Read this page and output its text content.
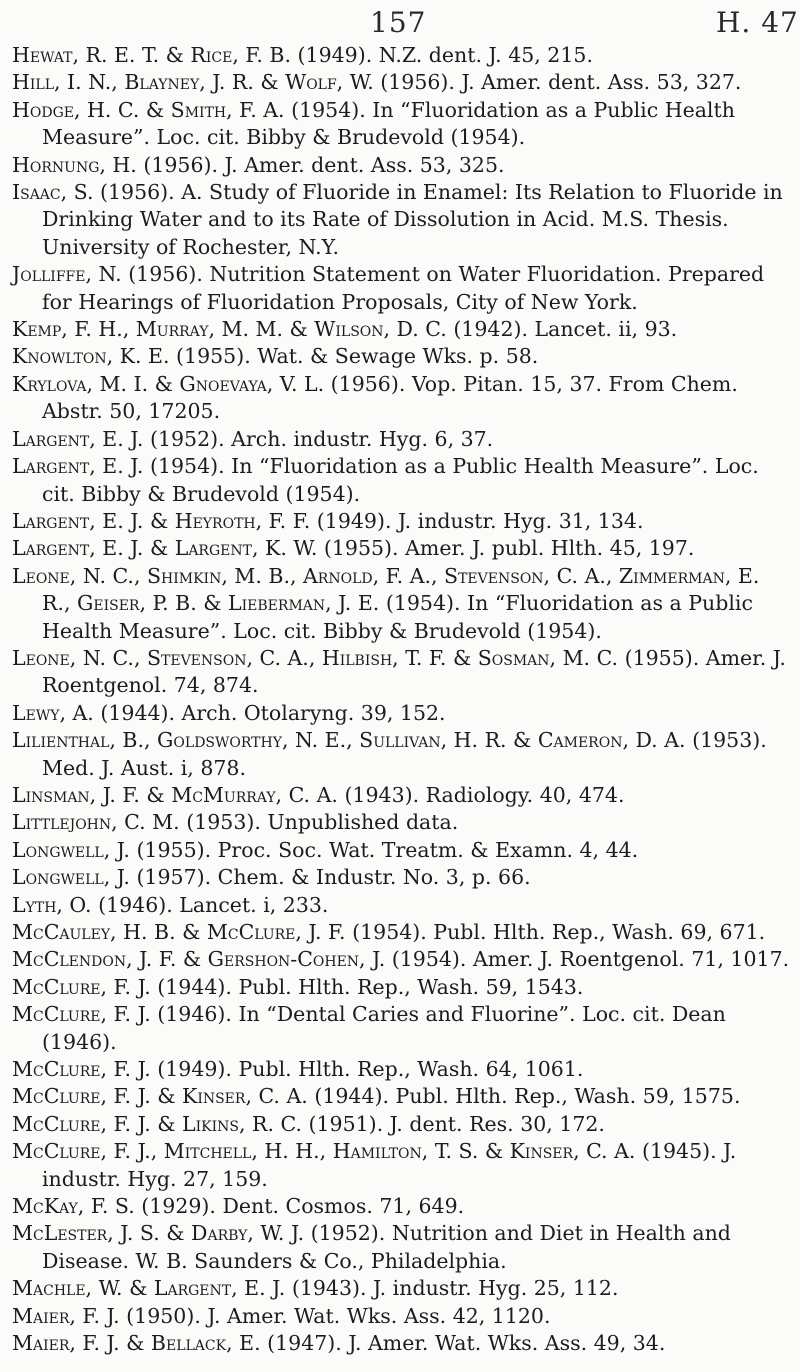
157	H. 47

Hewat, R. E. T. & Rice, F. B. (1949). N.Z. dent. J. 45, 215.

Hill, I. N., Blayney, J. R. & Wolf, W. (1956). J. Amer. dent. Ass. 53, 327.

Hodge, H. C. & Smith, F. A. (1954). In “Fluoridation as a Public Health Measure”. Loc. cit. Bibby & Brudevold (1954).

Hornung, H. (1956). J. Amer. dent. Ass. 53, 325.

Isaac, S. (1956). A. Study of Fluoride in Enamel: Its Relation to Fluoride in Drinking Water and to its Rate of Dissolution in Acid. M.S. Thesis. University of Rochester, N.Y.

Jolliffe, N. (1956). Nutrition Statement on Water Fluoridation. Prepared for Hearings of Fluoridation Proposals, City of New York.

Kemp, F. H., Murray, M. M. & Wilson, D. C. (1942). Lancet. ii, 93.

Knowlton, K. E. (1955). Wat. & Sewage Wks. p. 58.

Krylova, M. I. & Gnoevaya, V. L. (1956). Vop. Pitan. 15, 37. From Chem. Abstr. 50, 17205.

Largent, E. J. (1952). Arch. industr. Hyg. 6, 37.

Largent, E. J. (1954). In “Fluoridation as a Public Health Measure”. Loc. cit. Bibby & Brudevold (1954).

Largent, E. J. & Heyroth, F. F. (1949). J. industr. Hyg. 31, 134.

Largent, E. J. & Largent, K. W. (1955). Amer. J. publ. Hlth. 45, 197.

Leone, N. C., Shimkin, M. B., Arnold, F. A., Stevenson, C. A., Zimmerman, E. R., Geiser, P. B. & Lieberman, J. E. (1954). In “Fluoridation as a Public Health Measure”. Loc. cit. Bibby & Brudevold (1954).

Leone, N. C., Stevenson, C. A., Hilbish, T. F. & Sosman, M. C. (1955). Amer. J. Roentgenol. 74, 874.

Lewy, A. (1944). Arch. Otolaryng. 39, 152.

Lilienthal, B., Goldsworthy, N. E., Sullivan, H. R. & Cameron, D. A. (1953). Med. J. Aust. i, 878.

Linsman, J. F. & McMurray, C. A. (1943). Radiology. 40, 474.

Littlejohn, C. M. (1953). Unpublished data.

Longwell, J. (1955). Proc. Soc. Wat. Treatm. & Examn. 4, 44.

Longwell, J. (1957). Chem. & Industr. No. 3, p. 66.

Lyth, O. (1946). Lancet. i, 233.

McCauley, H. B. & McClure, J. F. (1954). Publ. Hlth. Rep., Wash. 69, 671.

McClendon, J. F. & Gershon-Cohen, J. (1954). Amer. J. Roentgenol. 71, 1017.

McClure, F. J. (1944). Publ. Hlth. Rep., Wash. 59, 1543.

McClure, F. J. (1946). In “Dental Caries and Fluorine”. Loc. cit. Dean (1946).

McClure, F. J. (1949). Publ. Hlth. Rep., Wash. 64, 1061.

McClure, F. J. & Kinser, C. A. (1944). Publ. Hlth. Rep., Wash. 59, 1575.

McClure, F. J. & Likins, R. C. (1951). J. dent. Res. 30, 172.

McClure, F. J., Mitchell, H. H., Hamilton, T. S. & Kinser, C. A. (1945). J. industr. Hyg. 27, 159.

McKay, F. S. (1929). Dent. Cosmos. 71, 649.

McLester, J. S. & Darby, W. J. (1952). Nutrition and Diet in Health and Disease. W. B. Saunders & Co., Philadelphia.

Machle, W. & Largent, E. J. (1943). J. industr. Hyg. 25, 112.

Maier, F. J. (1950). J. Amer. Wat. Wks. Ass. 42, 1120.

Maier, F. J. & Bellack, E. (1947). J. Amer. Wat. Wks. Ass. 49, 34.
